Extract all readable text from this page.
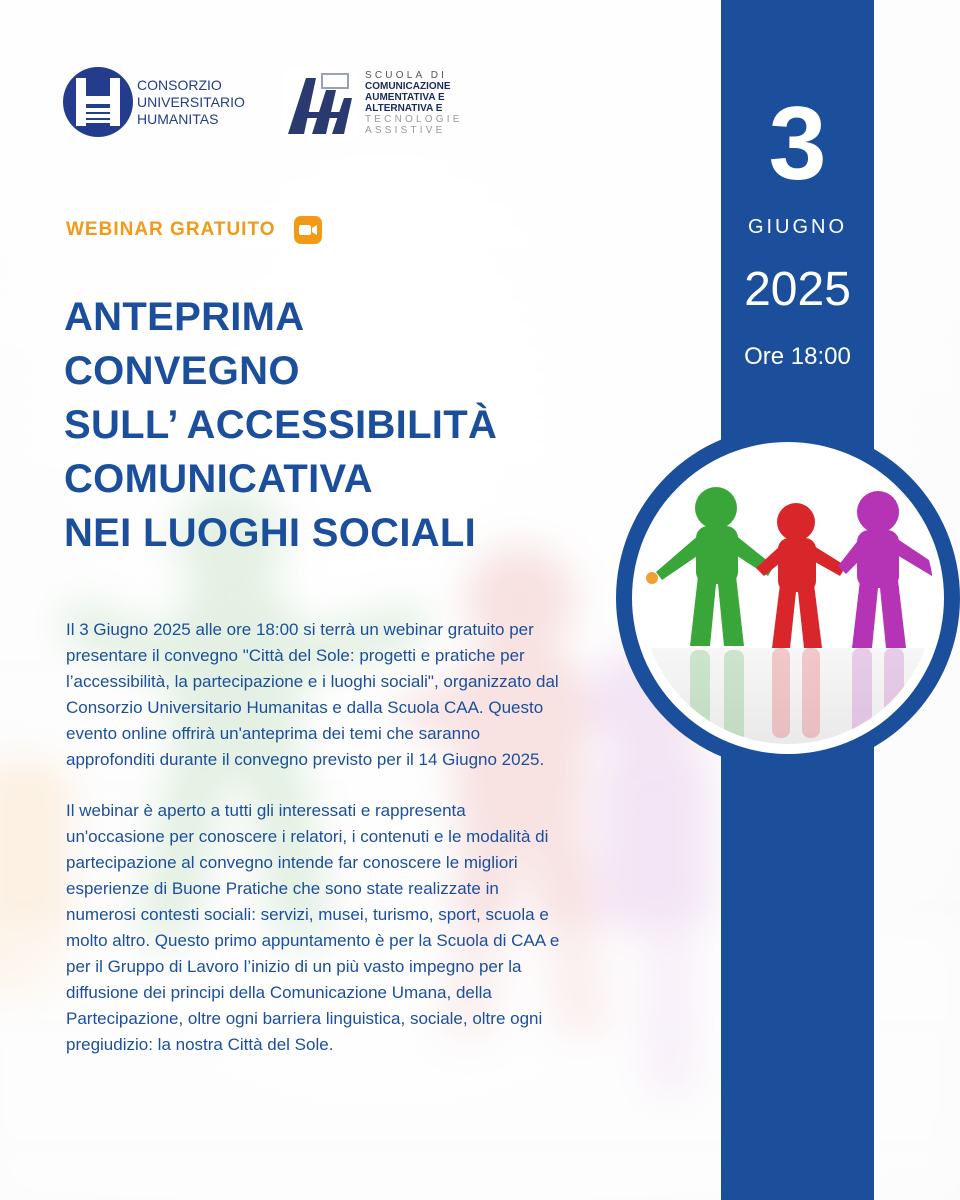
3
GIUGNO
2025
Ore 18:00
CONSORZIO
UNIVERSITARIO
HUMANITAS
SCUOLA DI
COMUNICAZIONE
AUMENTATIVA E
ALTERNATIVA E
TECNOLOGIE
ASSISTIVE
WEBINAR GRATUITO
ANTEPRIMA
CONVEGNO
SULL’ ACCESSIBILITÀ
COMUNICATIVA
NEI LUOGHI SOCIALI

Il 3 Giugno 2025 alle ore 18:00 si terrà un webinar gratuito per presentare il convegno "Città del Sole: progetti e pratiche per l’accessibilità, la partecipazione e i luoghi sociali", organizzato dal Consorzio Universitario Humanitas e dalla Scuola CAA. Questo evento online offrirà un'anteprima dei temi che saranno approfonditi durante il convegno previsto per il 14 Giugno 2025.

Il webinar è aperto a tutti gli interessati e rappresenta un'occasione per conoscere i relatori, i contenuti e le modalità di partecipazione al convegno intende far conoscere le migliori esperienze di Buone Pratiche che sono state realizzate in numerosi contesti sociali: servizi, musei, turismo, sport, scuola e molto altro. Questo primo appuntamento è per la Scuola di CAA e per il Gruppo di Lavoro l’inizio di un più vasto impegno per la diffusione dei principi della Comunicazione Umana, della Partecipazione, oltre ogni barriera linguistica, sociale, oltre ogni pregiudizio: la nostra Città del Sole.
